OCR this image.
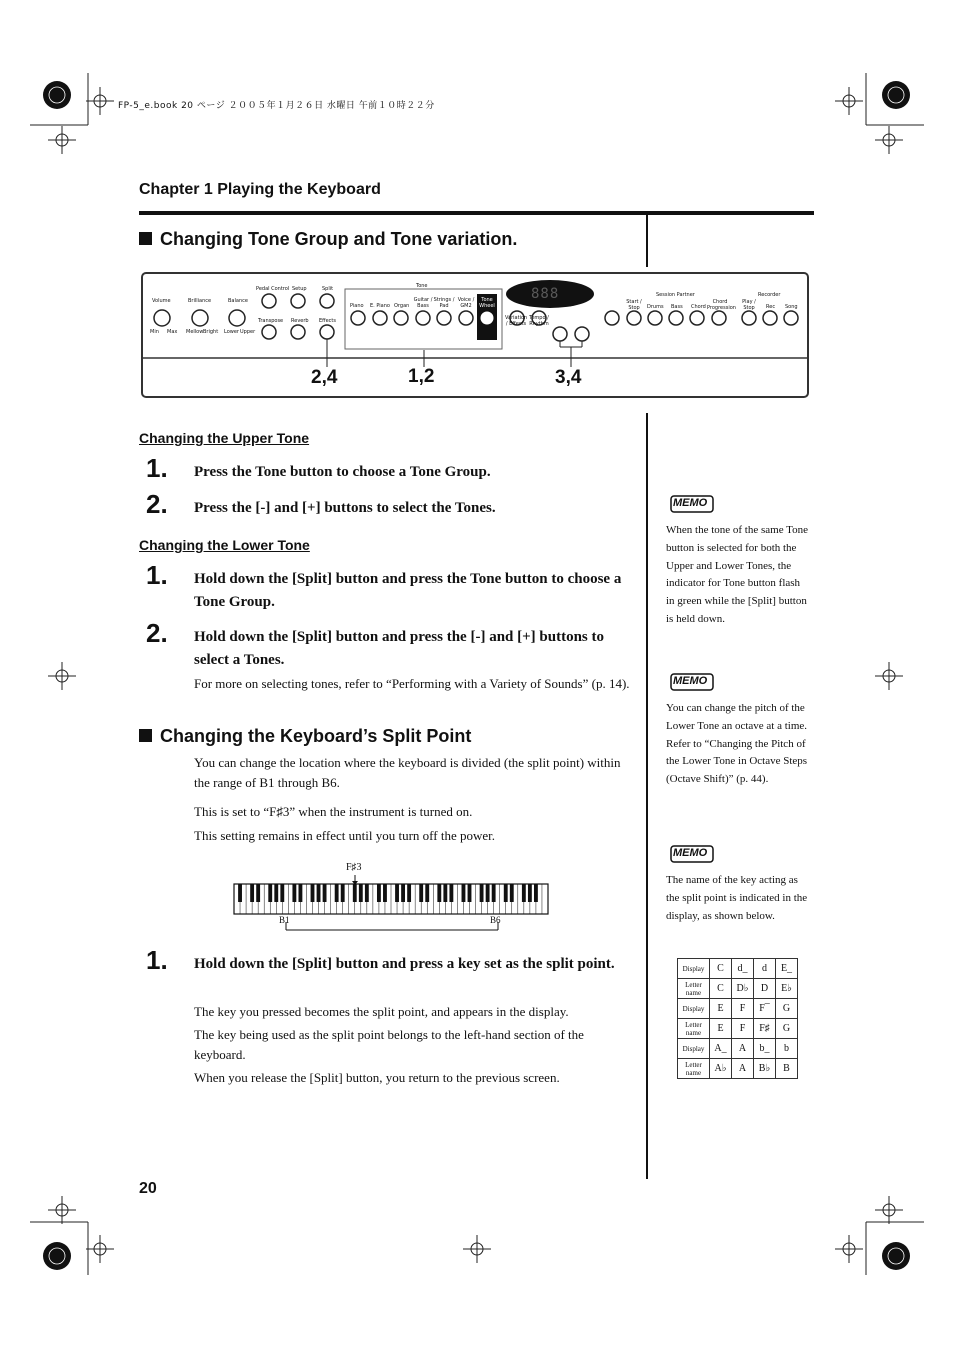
FP-5_e.book 20 ページ ２００５年１月２６日 水曜日 午前１０時２２分
Chapter 1 Playing the Keyboard
Changing Tone Group and Tone variation.
Volume	Brilliance	Balance
Min Max Mellow Bright Lower Upper
Pedal Control Setup	Split
Transpose Reverb Effects
Tone
Piano E. Piano Organ
Guitar / Bass
Strings / Pad
Voice / GM2
Tone Wheel
Variation / Effects
Tempo / Rhythm
888	Session Partner
Start / Stop	Drums Bass Chord
Chord Progression
Recorder
Play / Stop	Rec Song
2,4	1,2	3,4
Changing the Upper Tone
1. Press the Tone button to choose a Tone Group.
2. Press the [-] and [+] buttons to select the Tones.
Changing the Lower Tone
1. Hold down the [Split] button and press the Tone button to choose a Tone Group.
2. Hold down the [Split] button and press the [-] and [+] buttons to select a Tones.
For more on selecting tones, refer to “Performing with a Variety of Sounds” (p. 14).
Changing the Keyboard’s Split Point
You can change the location where the keyboard is divided (the split point) within the range of B1 through B6.
This is set to “F♯3” when the instrument is turned on.
This setting remains in effect until you turn off the power.
F♯3
B1	B6
1. Hold down the [Split] button and press a key set as the split point.
The key you pressed becomes the split point, and appears in the display.
The key being used as the split point belongs to the left-hand section of the keyboard.
When you release the [Split] button, you return to the previous screen.
MEMO
When the tone of the same Tone button is selected for both the Upper and Lower Tones, the indicator for Tone button flash in green while the [Split] button is held down.
MEMO
You can change the pitch of the Lower Tone an octave at a time. Refer to “Changing the Pitch of the Lower Tone in Octave Steps (Octave Shift)” (p. 44).
MEMO
The name of the key acting as the split point is indicated in the display, as shown below.
Display	C	d_	d	E_
Letter name	C	D♭	D	E♭
Display	E	F	F¯	G
Letter name	E	F	F♯	G
Display	A_	A	b_	b
Letter name	A♭	A	B♭	B
20
